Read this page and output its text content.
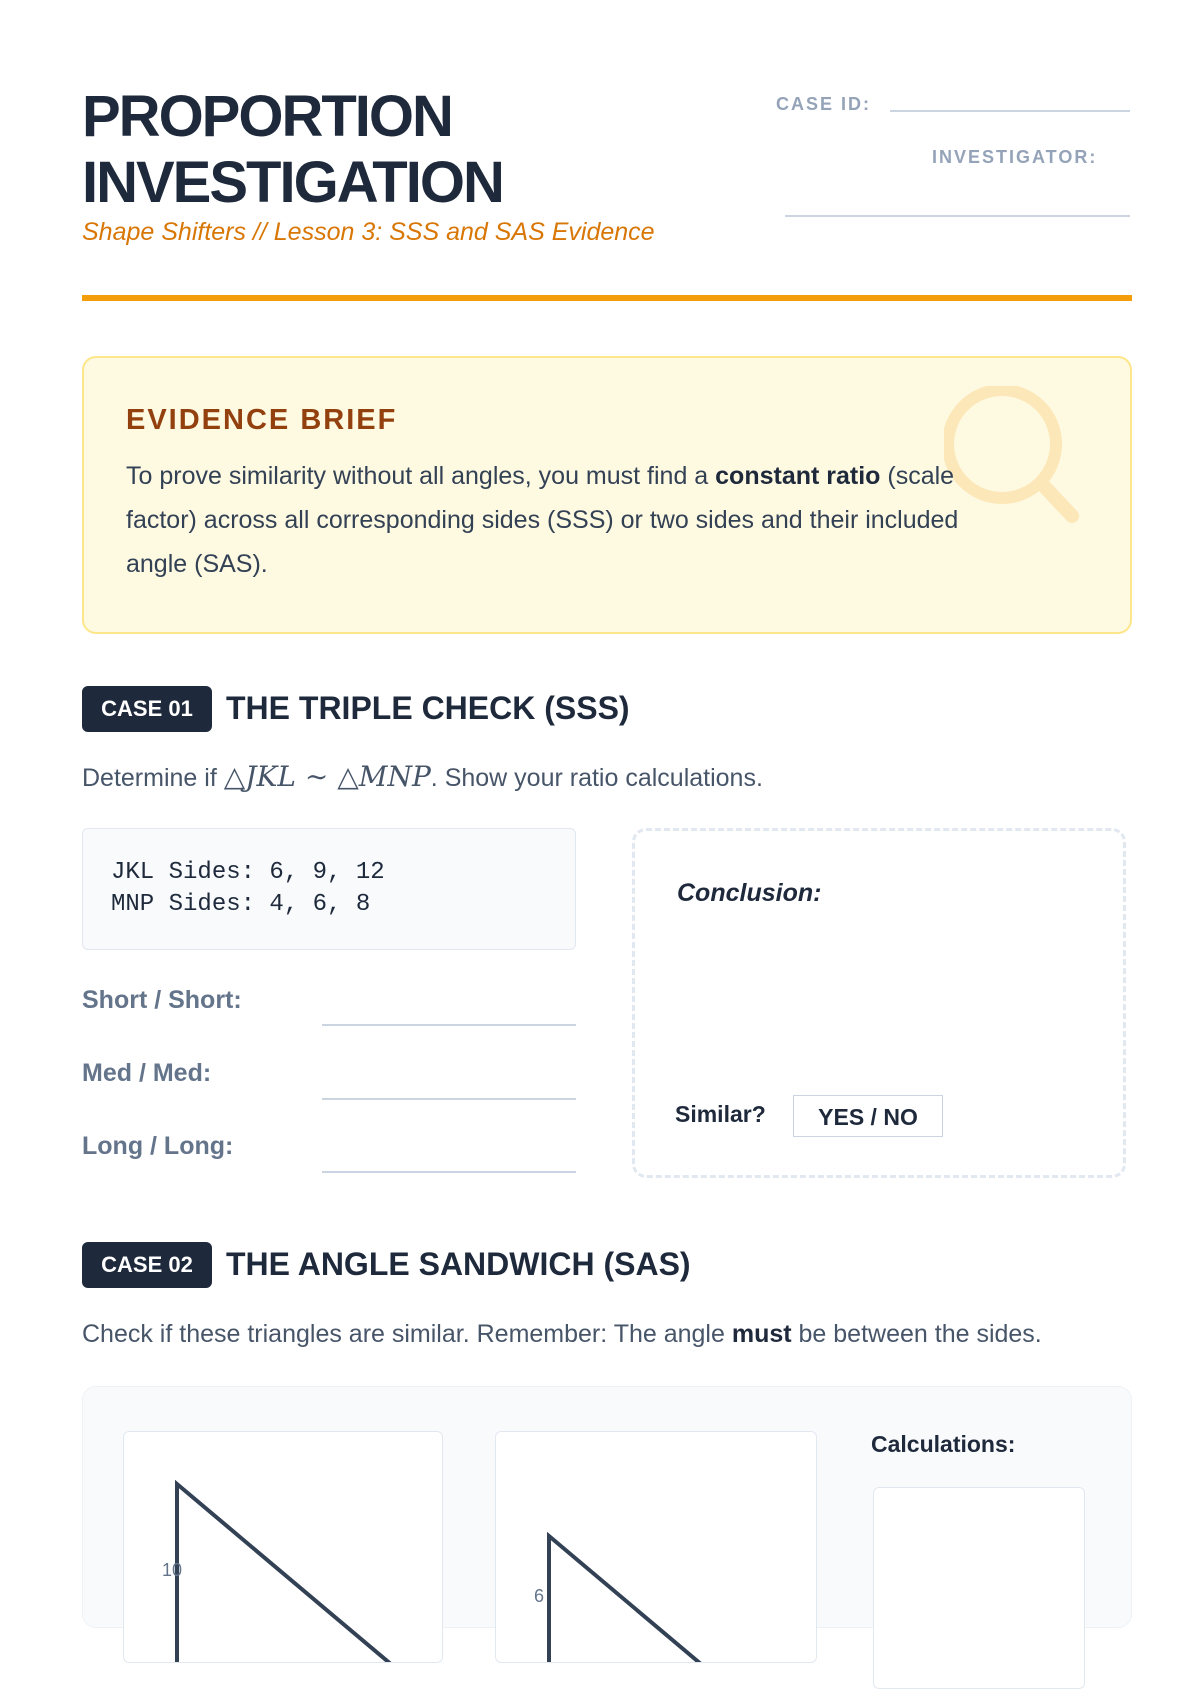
PROPORTION
INVESTIGATION
Shape Shifters // Lesson 3: SSS and SAS Evidence
CASE ID:
INVESTIGATOR:
EVIDENCE BRIEF
To prove similarity without all angles, you must find a constant ratio (scale factor) across all corresponding sides (SSS) or two sides and their included angle (SAS).
CASE 01	THE TRIPLE CHECK (SSS)
Determine if △JKL ∼ △MNP. Show your ratio calculations.
JKL Sides: 6, 9, 12
MNP Sides: 4, 6, 8
Short / Short:
Med / Med:
Long / Long:
Conclusion:
Similar?	YES / NO
CASE 02	THE ANGLE SANDWICH (SAS)
Check if these triangles are similar. Remember: The angle must be between the sides.
10
6
Calculations:
